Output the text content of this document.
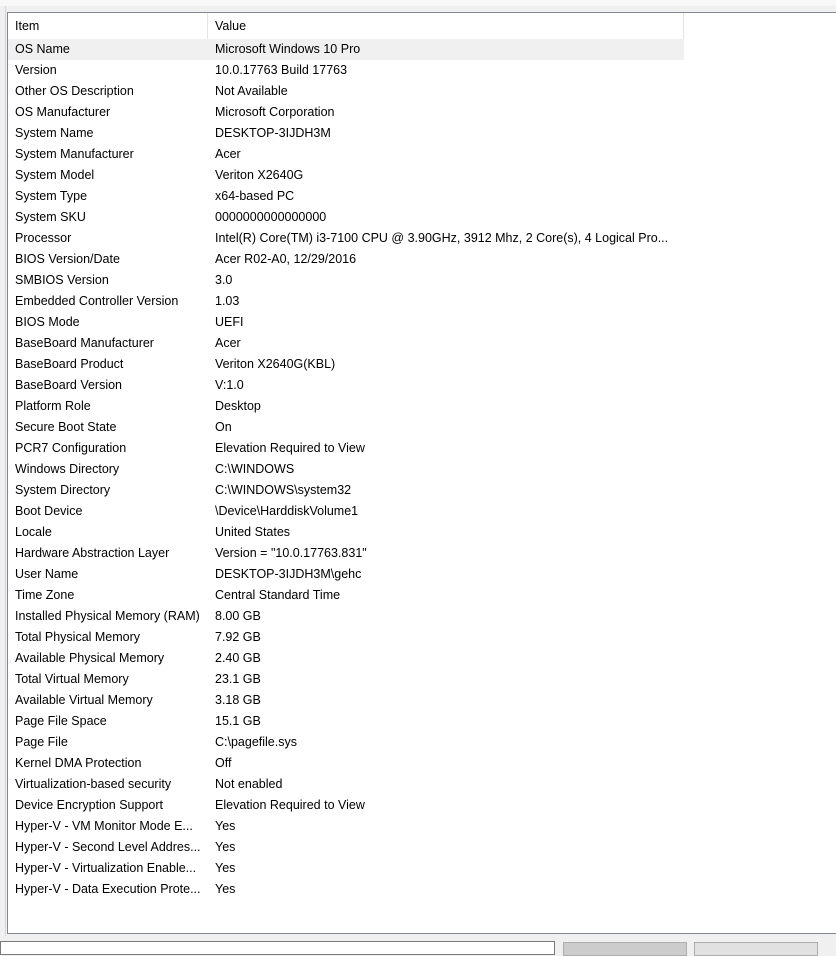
Item	Value
OS Name	Microsoft Windows 10 Pro
Version	10.0.17763 Build 17763
Other OS Description	Not Available
OS Manufacturer	Microsoft Corporation
System Name	DESKTOP-3IJDH3M
System Manufacturer	Acer
System Model	Veriton X2640G
System Type	x64-based PC
System SKU	0000000000000000
Processor	Intel(R) Core(TM) i3-7100 CPU @ 3.90GHz, 3912 Mhz, 2 Core(s), 4 Logical Pro...
BIOS Version/Date	Acer R02-A0, 12/29/2016
SMBIOS Version	3.0
Embedded Controller Version	1.03
BIOS Mode	UEFI
BaseBoard Manufacturer	Acer
BaseBoard Product	Veriton X2640G(KBL)
BaseBoard Version	V:1.0
Platform Role	Desktop
Secure Boot State	On
PCR7 Configuration	Elevation Required to View
Windows Directory	C:\WINDOWS
System Directory	C:\WINDOWS\system32
Boot Device	\Device\HarddiskVolume1
Locale	United States
Hardware Abstraction Layer	Version = "10.0.17763.831"
User Name	DESKTOP-3IJDH3M\gehc
Time Zone	Central Standard Time
Installed Physical Memory (RAM)	8.00 GB
Total Physical Memory	7.92 GB
Available Physical Memory	2.40 GB
Total Virtual Memory	23.1 GB
Available Virtual Memory	3.18 GB
Page File Space	15.1 GB
Page File	C:\pagefile.sys
Kernel DMA Protection	Off
Virtualization-based security	Not enabled
Device Encryption Support	Elevation Required to View
Hyper-V - VM Monitor Mode E...	Yes
Hyper-V - Second Level Addres...	Yes
Hyper-V - Virtualization Enable...	Yes
Hyper-V - Data Execution Prote...	Yes
